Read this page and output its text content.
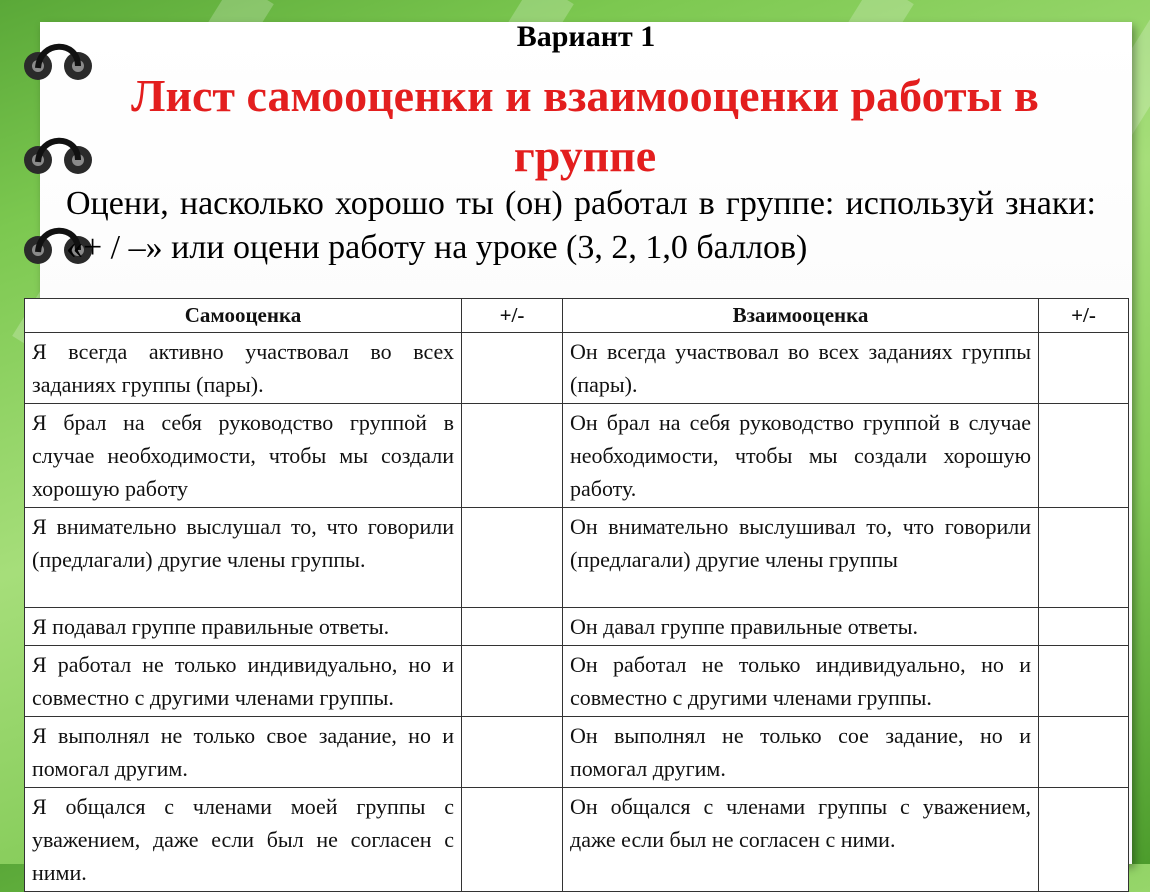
Вариант 1
Лист самооценки и взаимооценки работы в группе
Оцени, насколько хорошо ты (он) работал в группе: используй знаки: «+ / –» или оцени работу на уроке (3, 2, 1,0 баллов)
Самооценка	+/-	Взаимооценка	+/-
Я всегда активно участвовал во всех заданиях группы (пары).		Он всегда участвовал во всех заданиях группы (пары).	
Я брал на себя руководство группой в случае необходимости, чтобы мы создали хорошую работу		Он брал на себя руководство группой в случае необходимости, чтобы мы создали хорошую работу.	
Я внимательно выслушал то, что говорили (предлагали) другие члены группы.		Он внимательно выслушивал то, что говорили (предлагали) другие члены группы	
Я подавал группе правильные ответы.		Он давал группе правильные ответы.	
Я работал не только индивидуально, но и совместно с другими членами группы.		Он работал не только индивидуально, но и совместно с другими членами группы.	
Я выполнял не только свое задание, но и помогал другим.		Он выполнял не только сое задание, но и помогал другим.	
Я общался с членами моей группы с уважением, даже если был не согласен с ними.		Он общался с членами группы с уважением, даже если был не согласен с ними.	
